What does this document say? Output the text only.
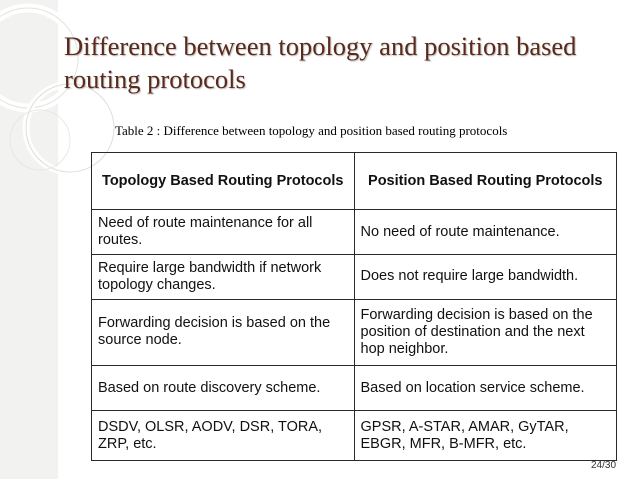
Difference between topology and position based routing protocols
Table 2 : Difference between topology and position based routing protocols
Topology Based Routing Protocols	Position Based Routing Protocols
Need of route maintenance for all routes.	No need of route maintenance.
Require large bandwidth if network topology changes.	Does not require large bandwidth.
Forwarding decision is based on the source node.	Forwarding decision is based on the position of destination and the next hop neighbor.
Based on route discovery scheme.	Based on location service scheme.
DSDV, OLSR, AODV, DSR, TORA, ZRP, etc.	GPSR, A-STAR, AMAR, GyTAR, EBGR, MFR, B-MFR, etc.
24/30
